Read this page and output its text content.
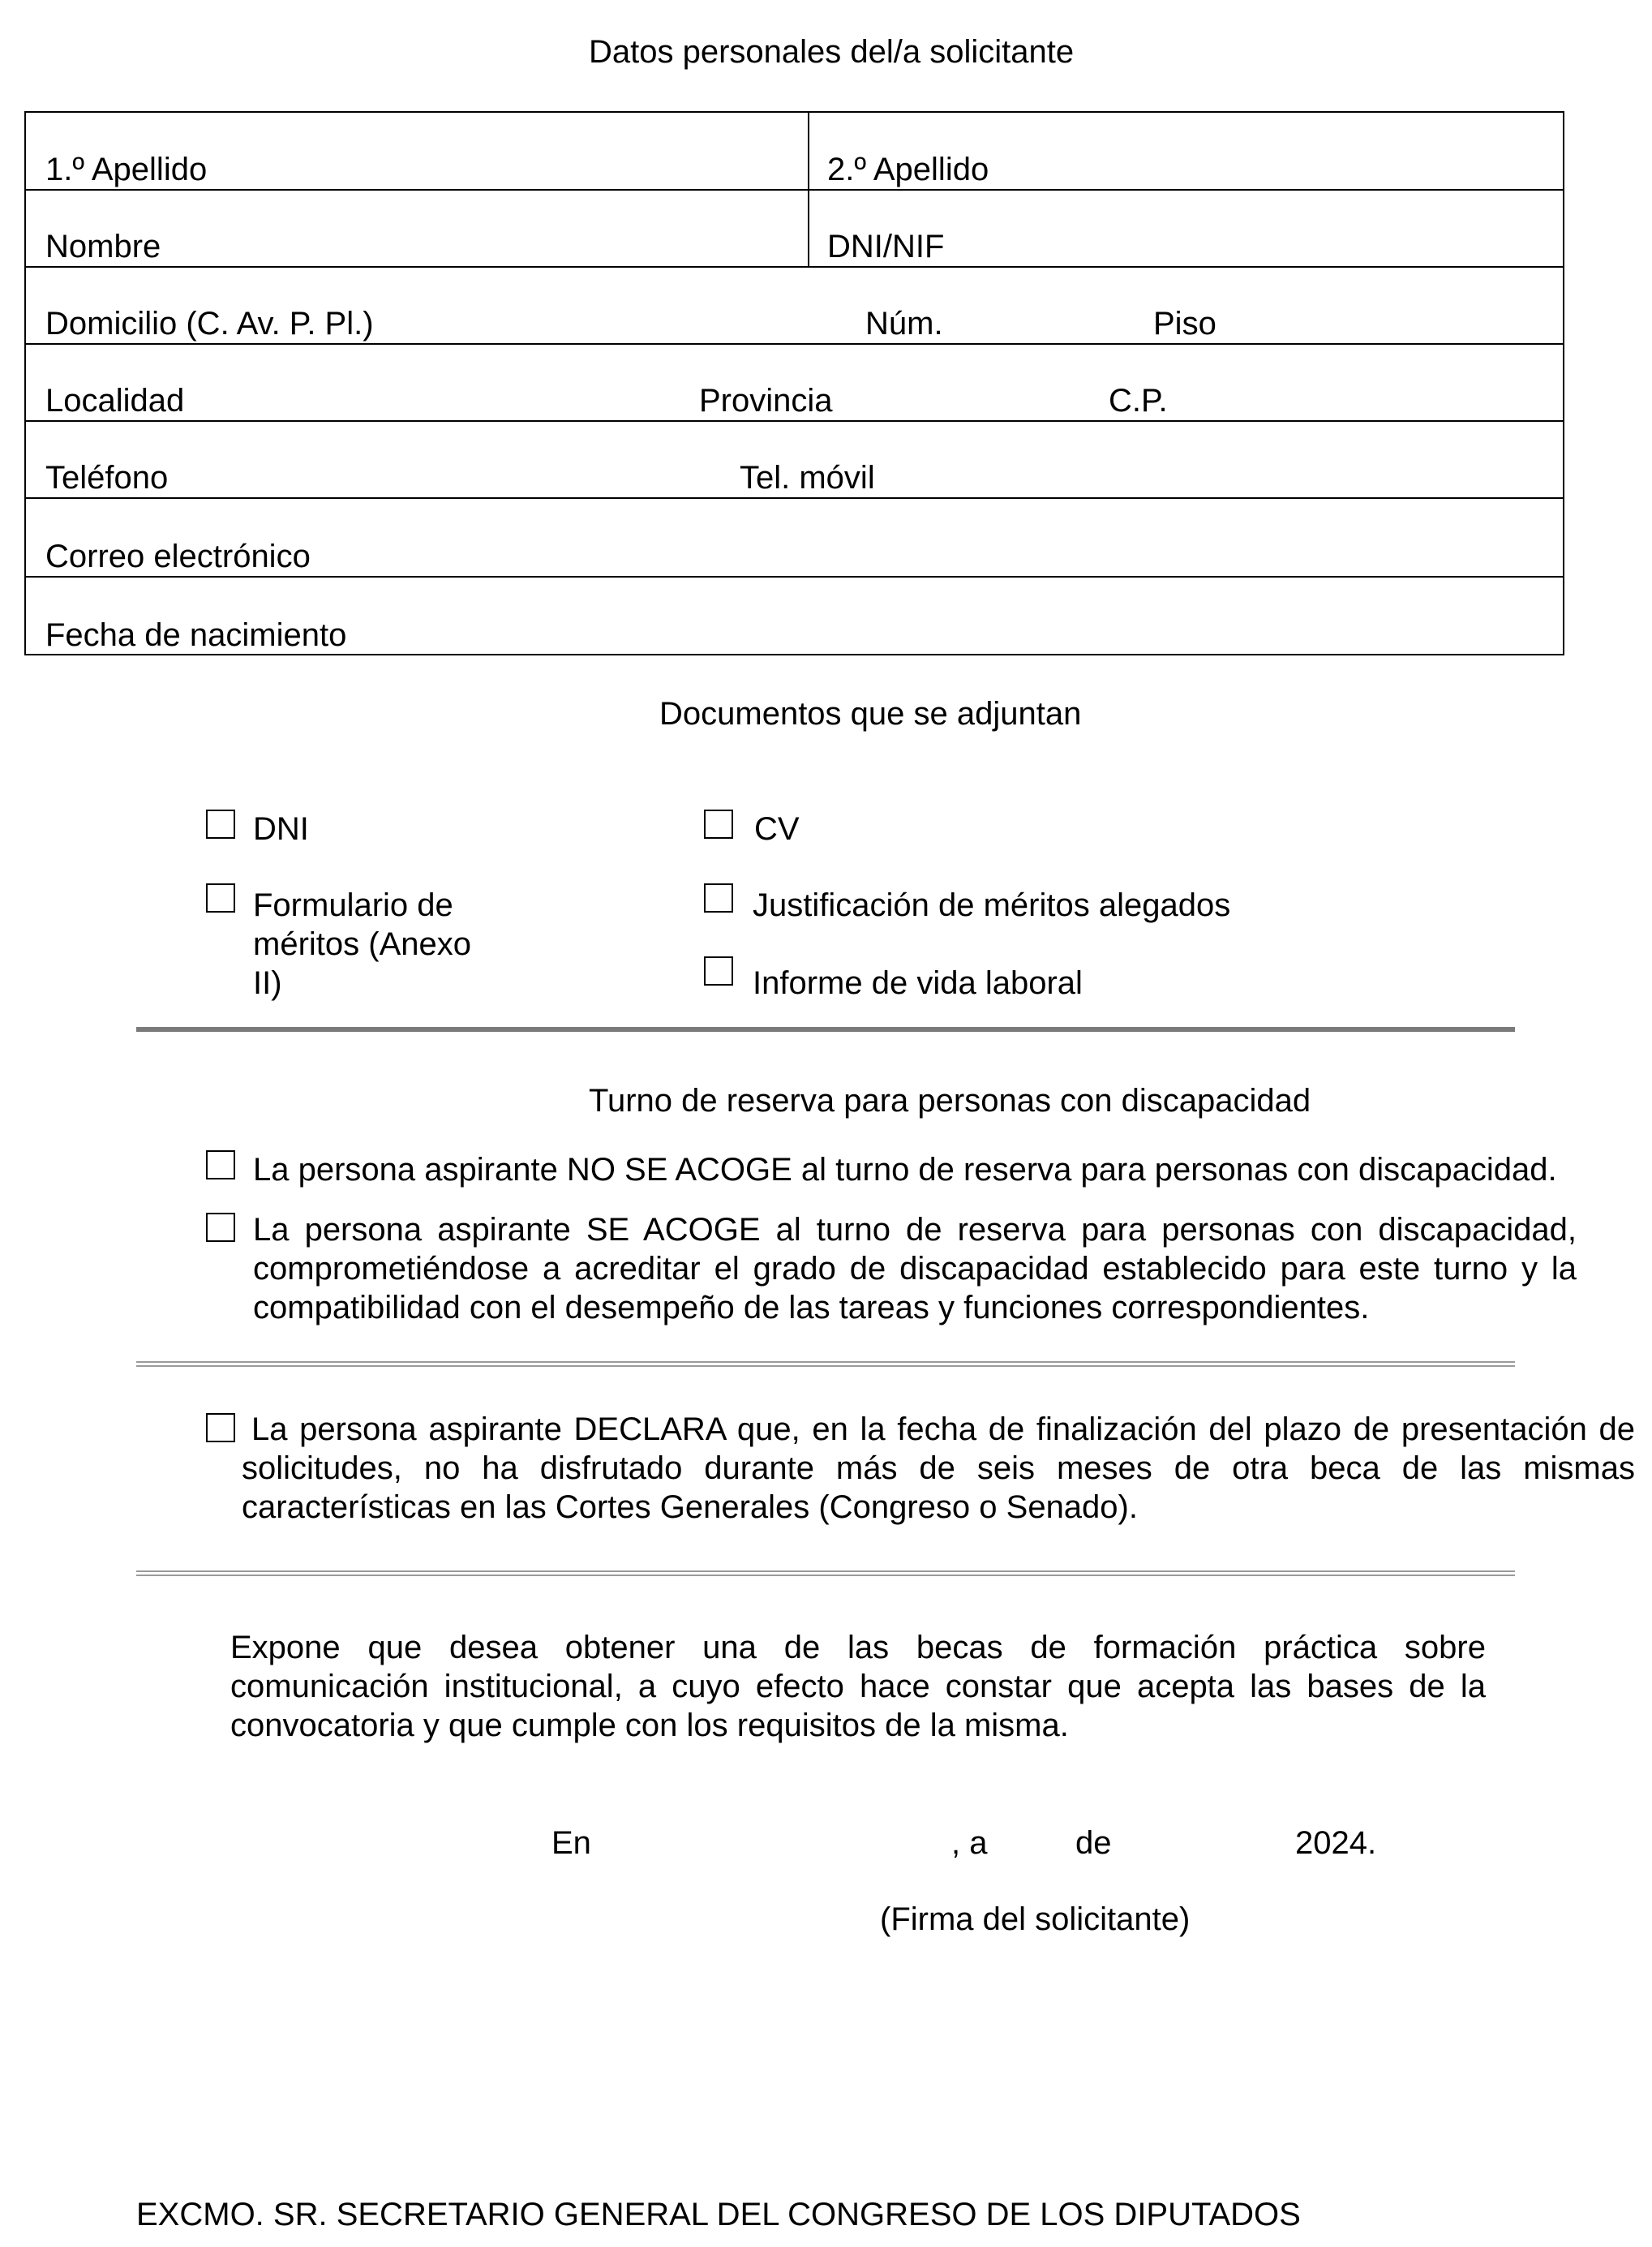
Datos personales del/a solicitante
1.º Apellido	2.º Apellido
Nombre	DNI/NIF
Domicilio (C. Av. P. Pl.)	Núm.	Piso
Localidad	Provincia	C.P.
Teléfono	Tel. móvil
Correo electrónico
Fecha de nacimiento
Documentos que se adjuntan
DNI	CV
Formulario de méritos (Anexo II)
Justificación de méritos alegados
Informe de vida laboral
Turno de reserva para personas con discapacidad
La persona aspirante NO SE ACOGE al turno de reserva para personas con discapacidad.
La persona aspirante SE ACOGE al turno de reserva para personas con discapacidad, comprometiéndose a acreditar el grado de discapacidad establecido para este turno y la compatibilidad con el desempeño de las tareas y funciones correspondientes.
La persona aspirante DECLARA que, en la fecha de finalización del plazo de presentación de solicitudes, no ha disfrutado durante más de seis meses de otra beca de las mismas características en las Cortes Generales (Congreso o Senado).
Expone que desea obtener una de las becas de formación práctica sobre comunicación institucional, a cuyo efecto hace constar que acepta las bases de la convocatoria y que cumple con los requisitos de la misma.
En	, a	de	2024.
(Firma del solicitante)
EXCMO. SR. SECRETARIO GENERAL DEL CONGRESO DE LOS DIPUTADOS
